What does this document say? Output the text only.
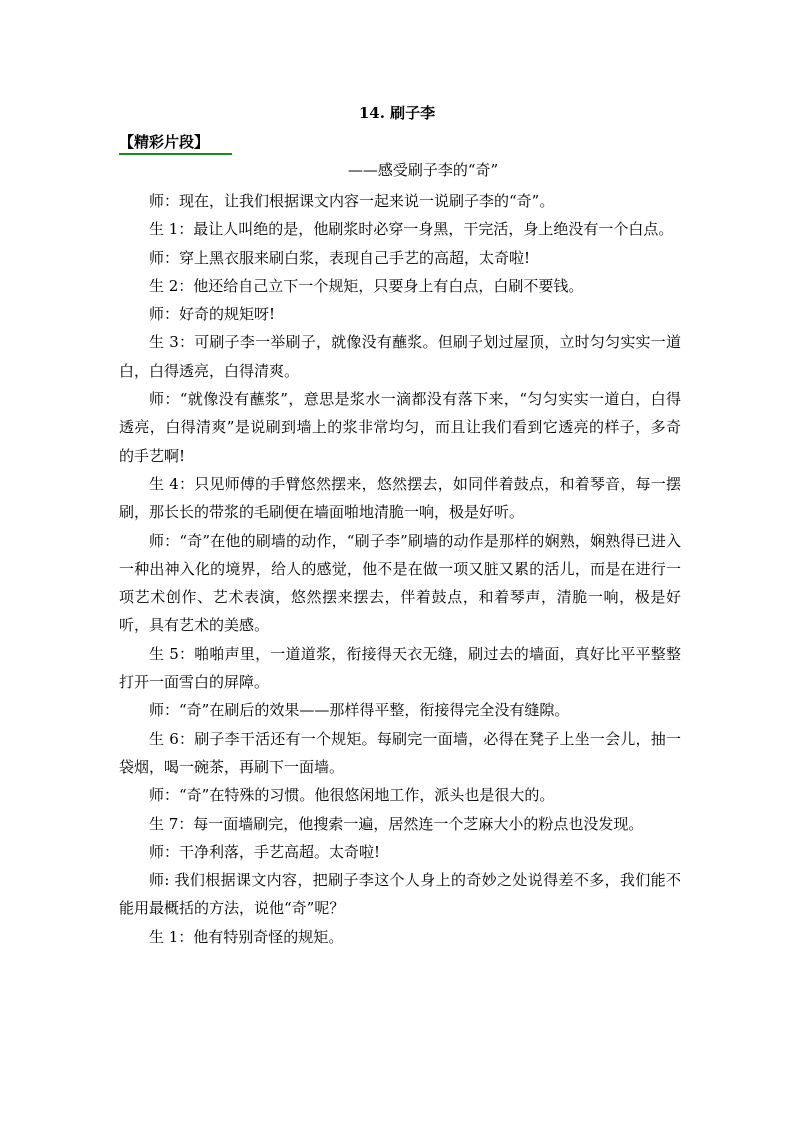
14. 刷子李
【精彩片段】
——感受刷子李的“奇”

师：现在，让我们根据课文内容一起来说一说刷子李的“奇”。

生 1：最让人叫绝的是，他刷浆时必穿一身黑，干完活，身上绝没有一个白点。

师：穿上黑衣服来刷白浆，表现自己手艺的高超，太奇啦!

生 2：他还给自己立下一个规矩，只要身上有白点，白刷不要钱。

师：好奇的规矩呀!

生 3：可刷子李一举刷子，就像没有蘸浆。但刷子划过屋顶，立时匀匀实实一道白，白得透亮，白得清爽。

师：“就像没有蘸浆”，意思是浆水一滴都没有落下来，“匀匀实实一道白，白得透亮，白得清爽”是说刷到墙上的浆非常均匀，而且让我们看到它透亮的样子，多奇的手艺啊!

生 4：只见师傅的手臂悠然摆来，悠然摆去，如同伴着鼓点，和着琴音，每一摆刷，那长长的带浆的毛刷便在墙面啪地清脆一响，极是好听。

师：“奇”在他的刷墙的动作，“刷子李”刷墙的动作是那样的娴熟，娴熟得已进入一种出神入化的境界，给人的感觉，他不是在做一项又脏又累的活儿，而是在进行一项艺术创作、艺术表演，悠然摆来摆去，伴着鼓点，和着琴声，清脆一响，极是好听，具有艺术的美感。

生 5：啪啪声里，一道道浆，衔接得天衣无缝，刷过去的墙面，真好比平平整整打开一面雪白的屏障。

师：“奇”在刷后的效果——那样得平整，衔接得完全没有缝隙。

生 6：刷子李干活还有一个规矩。每刷完一面墙，必得在凳子上坐一会儿，抽一袋烟，喝一碗茶，再刷下一面墙。

师：“奇”在特殊的习惯。他很悠闲地工作，派头也是很大的。

生 7：每一面墙刷完，他搜索一遍，居然连一个芝麻大小的粉点也没发现。

师：干净利落，手艺高超。太奇啦!

师: 我们根据课文内容，把刷子李这个人身上的奇妙之处说得差不多，我们能不能用最概括的方法，说他“奇”呢？

生 1：他有特别奇怪的规矩。
